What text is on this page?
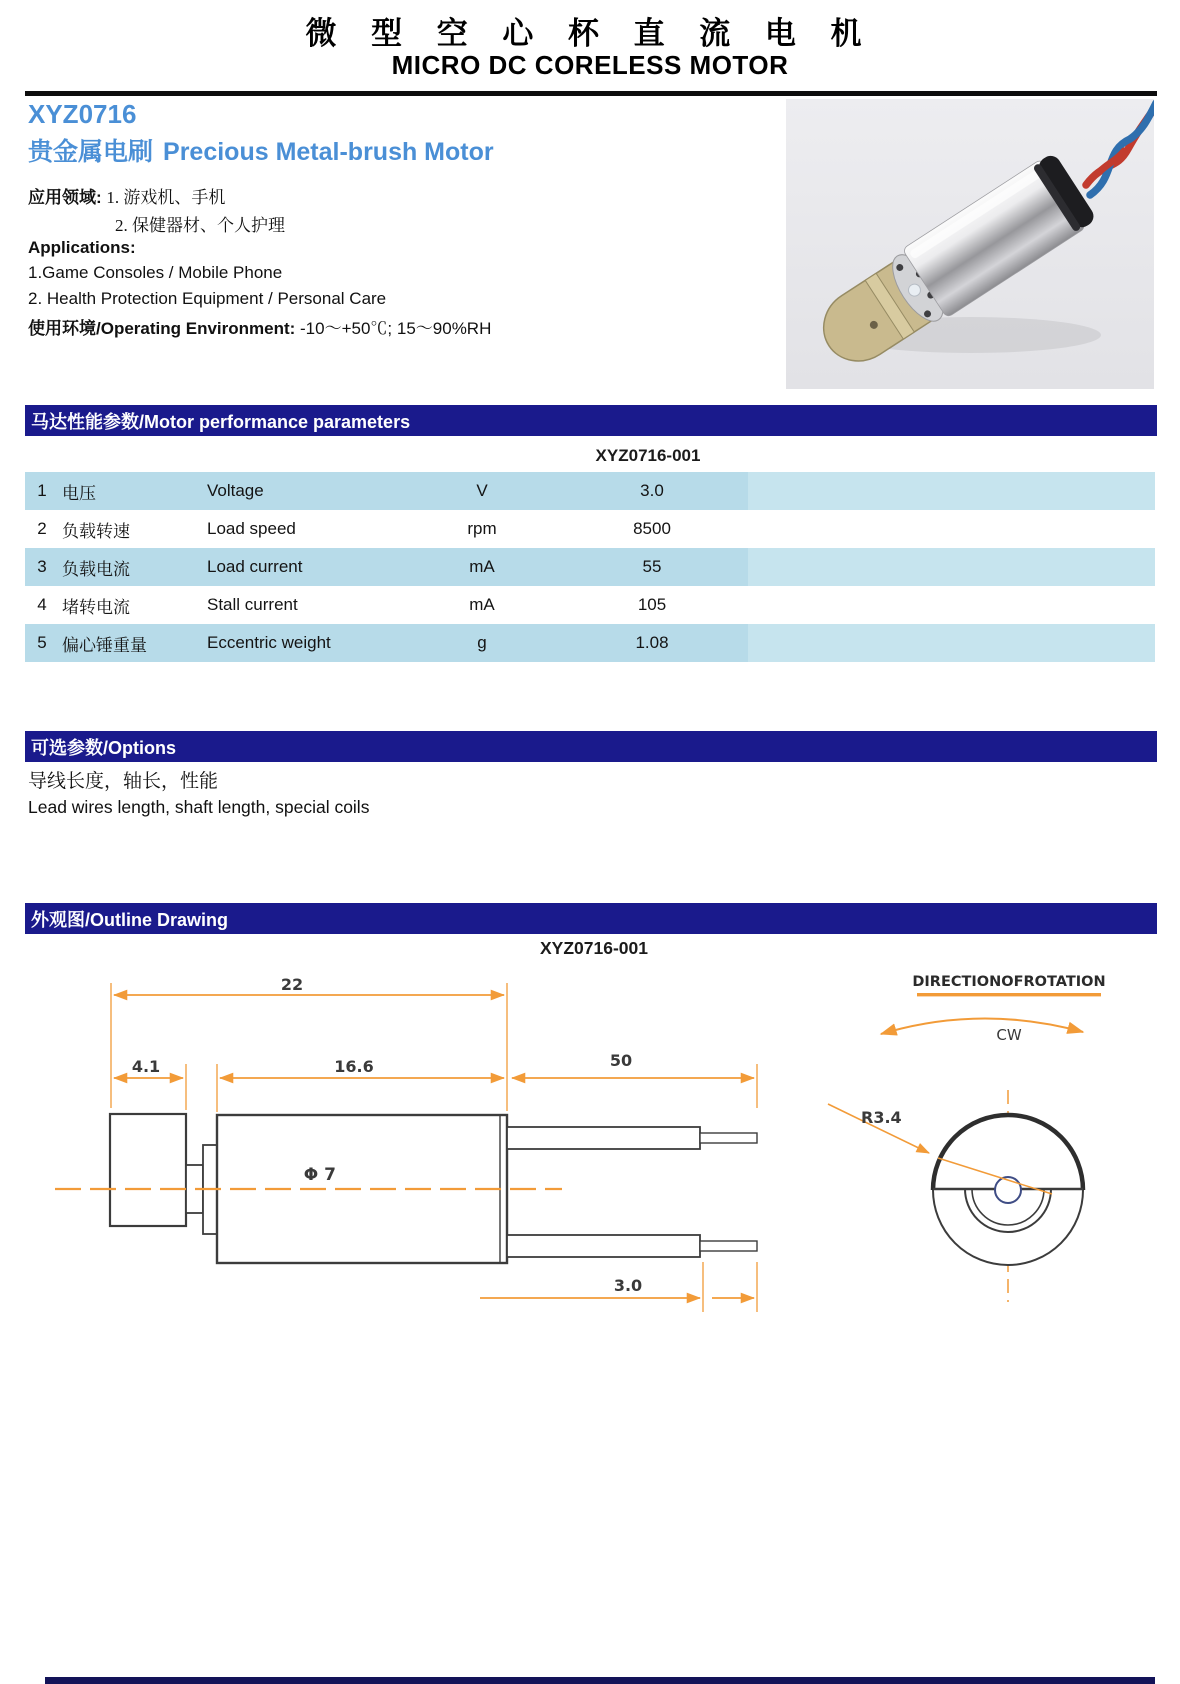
微 型 空 心 杯 直 流 电 机
MICRO DC CORELESS MOTOR
XYZ0716
贵金属电刷 Precious Metal-brush Motor
应用领域: 1. 游戏机、手机
2. 保健器材、个人护理
Applications:
1.Game Consoles / Mobile Phone
2. Health Protection Equipment / Personal Care
使用环境/Operating Environment: -10～+50℃; 15～90%RH
马达性能参数/Motor performance parameters
XYZ0716-001
1 电压	Voltage	V	3.0
2 负载转速	Load speed	rpm	8500
3 负载电流	Load current	mA	55
4 堵转电流	Stall current	mA	105
5 偏心锤重量	Eccentric weight	g	1.08
可选参数/Options
导线长度，轴长，性能
Lead wires length, shaft length, special coils
外观图/Outline Drawing
XYZ0716-001
22
4.1	16.6	50
3.0
Φ 7
R3.4
DIRECTIONOFROTATION
CW
